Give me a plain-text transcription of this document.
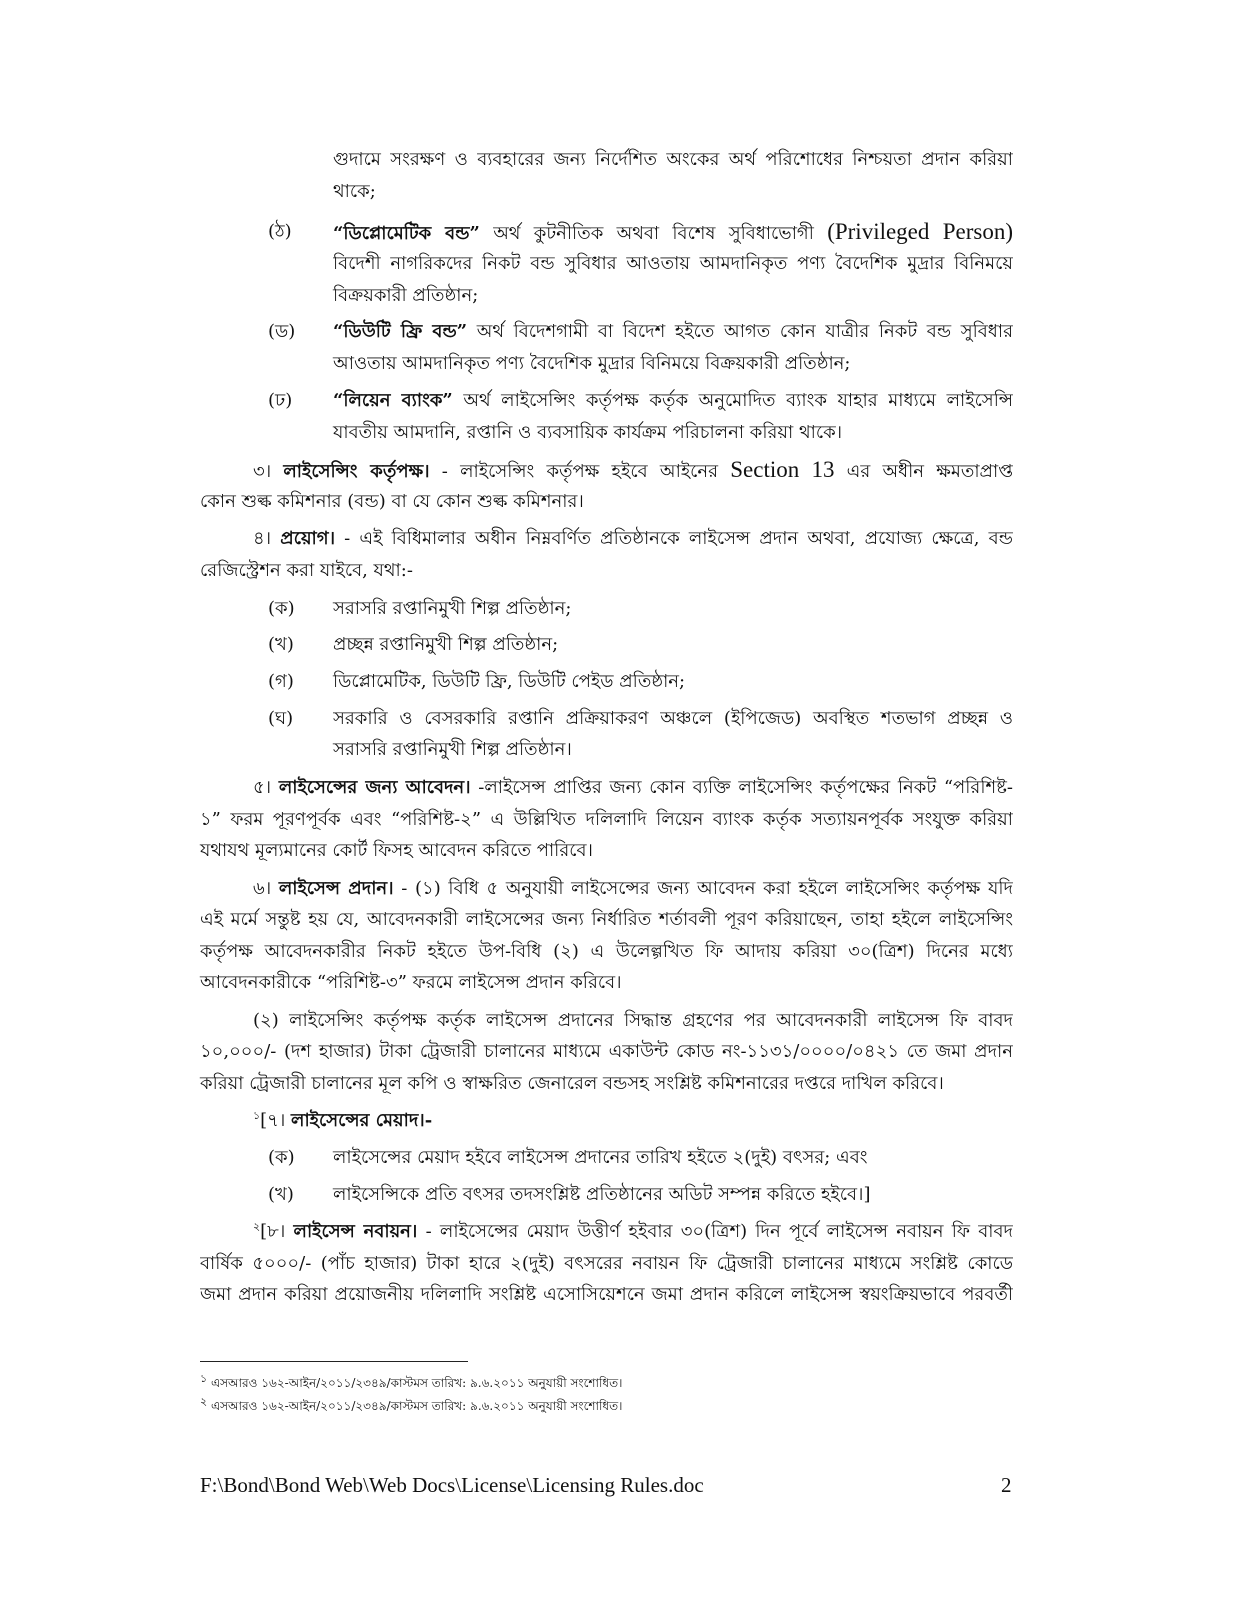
গুদামে সংরক্ষণ ও ব্যবহারের জন্য নির্দেশিত অংকের অর্থ পরিশোধের নিশ্চয়তা প্রদান করিয়া
থাকে;
(ঠ) “ডিপ্লোমেটিক বন্ড” অর্থ কুটনীতিক অথবা বিশেষ সুবিধাভোগী (Privileged Person)
বিদেশী নাগরিকদের নিকট বন্ড সুবিধার আওতায় আমদানিকৃত পণ্য বৈদেশিক মুদ্রার বিনিময়ে
বিক্রয়কারী প্রতিষ্ঠান;
(ড) “ডিউটি ফ্রি বন্ড” অর্থ বিদেশগামী বা বিদেশ হইতে আগত কোন যাত্রীর নিকট বন্ড সুবিধার
আওতায় আমদানিকৃত পণ্য বৈদেশিক মুদ্রার বিনিময়ে বিক্রয়কারী প্রতিষ্ঠান;
(ঢ) “লিয়েন ব্যাংক” অর্থ লাইসেন্সিং কর্তৃপক্ষ কর্তৃক অনুমোদিত ব্যাংক যাহার মাধ্যমে লাইসেন্সি
যাবতীয় আমদানি, রপ্তানি ও ব্যবসায়িক কার্যক্রম পরিচালনা করিয়া থাকে।
৩। লাইসেন্সিং কর্তৃপক্ষ। - লাইসেন্সিং কর্তৃপক্ষ হইবে আইনের Section 13 এর অধীন ক্ষমতাপ্রাপ্ত
কোন শুল্ক কমিশনার (বন্ড) বা যে কোন শুল্ক কমিশনার।
৪। প্রয়োগ। - এই বিধিমালার অধীন নিম্নবর্ণিত প্রতিষ্ঠানকে লাইসেন্স প্রদান অথবা, প্রযোজ্য ক্ষেত্রে, বন্ড
রেজিস্ট্রেশন করা যাইবে, যথা:-
(ক) সরাসরি রপ্তানিমুখী শিল্প প্রতিষ্ঠান;
(খ) প্রচ্ছন্ন রপ্তানিমুখী শিল্প প্রতিষ্ঠান;
(গ) ডিপ্লোমেটিক, ডিউটি ফ্রি, ডিউটি পেইড প্রতিষ্ঠান;
(ঘ) সরকারি ও বেসরকারি রপ্তানি প্রক্রিয়াকরণ অঞ্চলে (ইপিজেড) অবস্থিত শতভাগ প্রচ্ছন্ন ও
সরাসরি রপ্তানিমুখী শিল্প প্রতিষ্ঠান।
৫। লাইসেন্সের জন্য আবেদন। -লাইসেন্স প্রাপ্তির জন্য কোন ব্যক্তি লাইসেন্সিং কর্তৃপক্ষের নিকট “পরিশিষ্ট-
১” ফরম পূরণপূর্বক এবং “পরিশিষ্ট-২” এ উল্লিখিত দলিলাদি লিয়েন ব্যাংক কর্তৃক সত্যায়নপূর্বক সংযুক্ত করিয়া
যথাযথ মূল্যমানের কোর্ট ফিসহ আবেদন করিতে পারিবে।
৬। লাইসেন্স প্রদান। - (১) বিধি ৫ অনুযায়ী লাইসেন্সের জন্য আবেদন করা হইলে লাইসেন্সিং কর্তৃপক্ষ যদি
এই মর্মে সন্তুষ্ট হয় যে, আবেদনকারী লাইসেন্সের জন্য নির্ধারিত শর্তাবলী পূরণ করিয়াছেন, তাহা হইলে লাইসেন্সিং
কর্তৃপক্ষ আবেদনকারীর নিকট হইতে উপ-বিধি (২) এ উলেল্গখিত ফি আদায় করিয়া ৩০(ত্রিশ) দিনের মধ্যে
আবেদনকারীকে “পরিশিষ্ট-৩” ফরমে লাইসেন্স প্রদান করিবে।
(২) লাইসেন্সিং কর্তৃপক্ষ কর্তৃক লাইসেন্স প্রদানের সিদ্ধান্ত গ্রহণের পর আবেদনকারী লাইসেন্স ফি বাবদ
১০,০০০/- (দশ হাজার) টাকা ট্রেজারী চালানের মাধ্যমে একাউন্ট কোড নং-১১৩১/০০০০/০৪২১ তে জমা প্রদান
করিয়া ট্রেজারী চালানের মূল কপি ও স্বাক্ষরিত জেনারেল বন্ডসহ সংশ্লিষ্ট কমিশনারের দপ্তরে দাখিল করিবে।
$^১$[৭। লাইসেন্সের মেয়াদ।-
(ক) লাইসেন্সের মেয়াদ হইবে লাইসেন্স প্রদানের তারিখ হইতে ২(দুই) বৎসর; এবং
(খ) লাইসেন্সিকে প্রতি বৎসর তদসংশ্লিষ্ট প্রতিষ্ঠানের অডিট সম্পন্ন করিতে হইবে।]
$^২$[৮। লাইসেন্স নবায়ন। - লাইসেন্সের মেয়াদ উত্তীর্ণ হইবার ৩০(ত্রিশ) দিন পূর্বে লাইসেন্স নবায়ন ফি বাবদ
বার্ষিক ৫০০০/- (পাঁচ হাজার) টাকা হারে ২(দুই) বৎসরের নবায়ন ফি ট্রেজারী চালানের মাধ্যমে সংশ্লিষ্ট কোডে
জমা প্রদান করিয়া প্রয়োজনীয় দলিলাদি সংশ্লিষ্ট এসোসিয়েশনে জমা প্রদান করিলে লাইসেন্স স্বয়ংক্রিয়ভাবে পরবর্তী
$^১$ এসআরও ১৬২-আইন/২০১১/২৩৪৯/কাস্টমস তারিখ: ৯.৬.২০১১ অনুযায়ী সংশোধিত।
$^২$ এসআরও ১৬২-আইন/২০১১/২৩৪৯/কাস্টমস তারিখ: ৯.৬.২০১১ অনুযায়ী সংশোধিত।
F:\Bond\Bond Web\Web Docs\License\Licensing Rules.doc	2
